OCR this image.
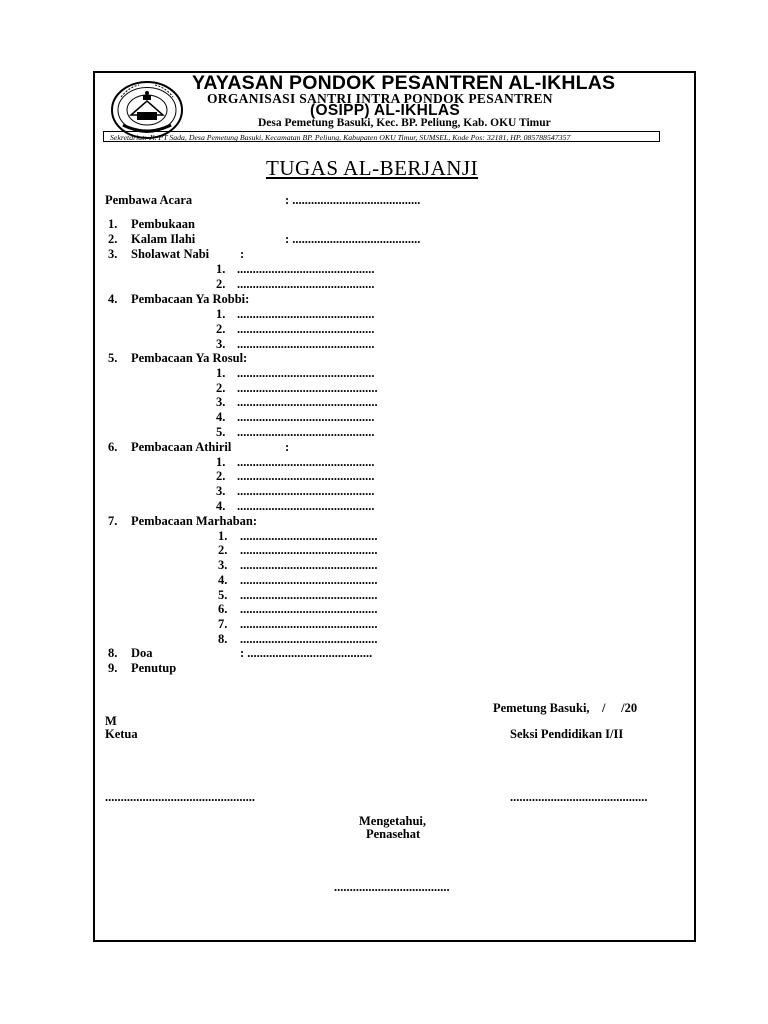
YAYASAN PONDOK PESANTREN AL-IKHLAS
ORGANISASI SANTRI INTRA PONDOK PESANTREN
(OSIPP) AL-IKHLAS
Desa Pemetung Basuki, Kec. BP. Peliung, Kab. OKU Timur
Sekretariat: Jl. PT Sada, Desa Pemetung Basuki, Kecamatan BP. Peliung, Kabupaten OKU Timur, SUMSEL, Kode Pos: 32181, HP. 085788547357
TUGAS AL-BERJANJI
Pembawa Acara	: .........................................
1. Pembukaan
2. Kalam Ilahi	: .........................................
3. Sholawat Nabi :
1. ............................................
2. ............................................
4. Pembacaan Ya Robbi:
1. ............................................
2. ............................................
3. ............................................
5. Pembacaan Ya Rosul:
1. ............................................
2. .............................................
3. .............................................
4. ............................................
5. ............................................
6. Pembacaan Athiril	:
1. ............................................
2. ............................................
3. ............................................
4. ............................................
7. Pembacaan Marhaban:
1. ............................................
2. ............................................
3. ............................................
4. ............................................
5. ............................................
6. ............................................
7. ............................................
8. ............................................
8. Doa	: ........................................
9. Penutup
Pemetung Basuki,    /     /20
M
Ketua	Seksi Pendidikan I/II
................................................	............................................
Mengetahui,
Penasehat
.....................................
